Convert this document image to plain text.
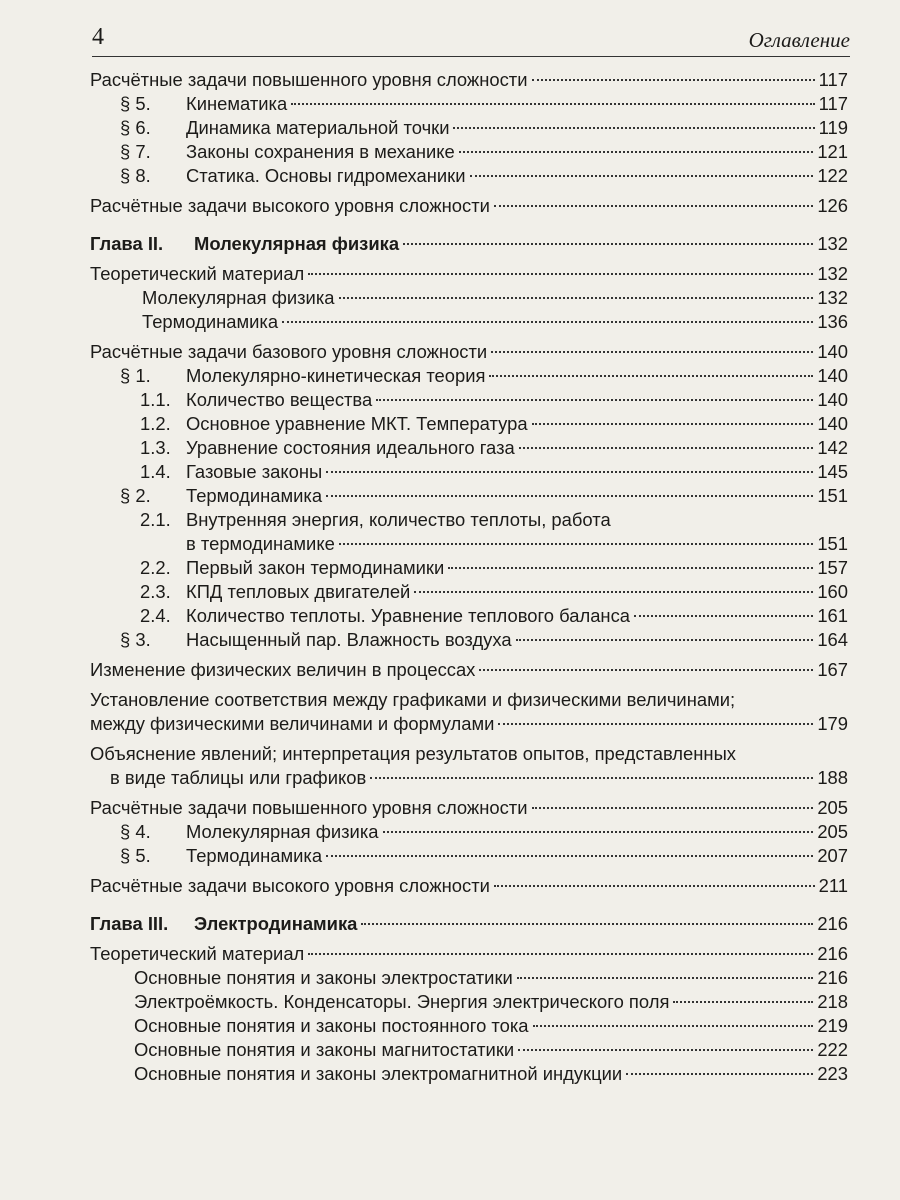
4	Оглавление
Расчётные задачи повышенного уровня сложности	117
§ 5.	Кинематика	117
§ 6.	Динамика материальной точки	119
§ 7.	Законы сохранения в механике	121
§ 8.	Статика. Основы гидромеханики	122
Расчётные задачи высокого уровня сложности	126
Глава II.	Молекулярная физика	132
Теоретический материал	132
Молекулярная физика	132
Термодинамика	136
Расчётные задачи базового уровня сложности	140
§ 1.	Молекулярно-кинетическая теория	140
1.1. Количество вещества	140
1.2. Основное уравнение МКТ. Температура	140
1.3. Уравнение состояния идеального газа	142
1.4. Газовые законы	145
§ 2.	Термодинамика	151
2.1. Внутренняя энергия, количество теплоты, работа
в термодинамике	151
2.2. Первый закон термодинамики	157
2.3. КПД тепловых двигателей	160
2.4. Количество теплоты. Уравнение теплового баланса	161
§ 3.	Насыщенный пар. Влажность воздуха	164
Изменение физических величин в процессах	167
Установление соответствия между графиками и физическими величинами;
между физическими величинами и формулами	179
Объяснение явлений; интерпретация результатов опытов, представленных
в виде таблицы или графиков	188
Расчётные задачи повышенного уровня сложности	205
§ 4.	Молекулярная физика	205
§ 5.	Термодинамика	207
Расчётные задачи высокого уровня сложности	211
Глава III.	Электродинамика	216
Теоретический материал	216
Основные понятия и законы электростатики	216
Электроёмкость. Конденсаторы. Энергия электрического поля	218
Основные понятия и законы постоянного тока	219
Основные понятия и законы магнитостатики	222
Основные понятия и законы электромагнитной индукции	223
